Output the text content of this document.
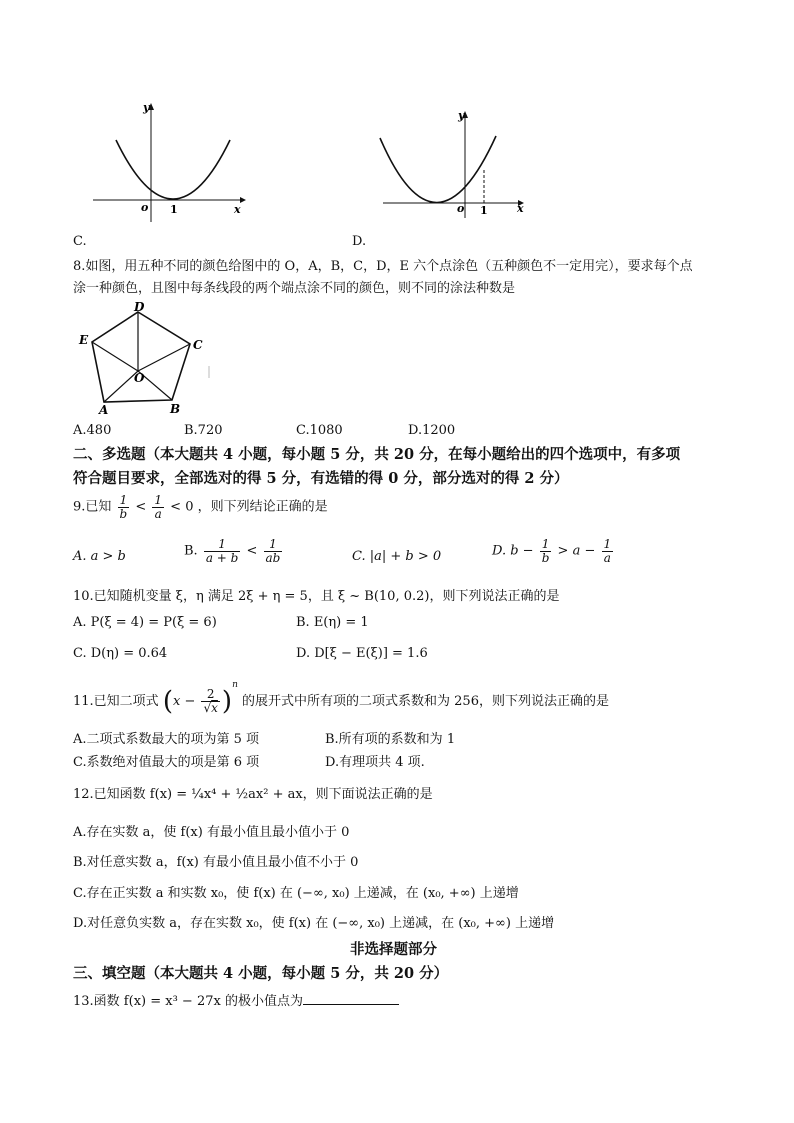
y
x
o 1
C.
y
x
o 1
D.
8.如图，用五种不同的颜色给图中的 O，A，B，C，D，E 六个点涂色（五种颜色不一定用完），要求每个点
涂一种颜色，且图中每条线段的两个端点涂不同的颜色，则不同的涂法种数是
D
E	C
O
A	B
A.480	B.720	C.1080	D.1200
二、多选题（本大题共 4 小题，每小题 5 分，共 20 分，在每小题给出的四个选项中，有多项
符合题目要求，全部选对的得 5 分，有选错的得 0 分，部分选对的得 2 分）
9.已知 $\frac{1}{b} < \frac{1}{a} < 0$ ，则下列结论正确的是
A. a > b	B. $\frac{1}{a + b} < \frac{1}{ab}$	C. |a| + b > 0	D. $b - \frac{1}{b} > a - \frac{1}{a}$
10.已知随机变量 ξ，η 满足 2ξ + η = 5，且 ξ ~ B(10, 0.2)，则下列说法正确的是
A. P(ξ = 4) = P(ξ = 6)	B. E(η) = 1
C. D(η) = 0.64	D. D[ξ − E(ξ)] = 1.6
11.已知二项式 $(x - \frac{2}{√x} )^n$ 的展开式中所有项的二项式系数和为 256，则下列说法正确的是
A.二项式系数最大的项为第 5 项	B.所有项的系数和为 1
C.系数绝对值最大的项是第 6 项	D.有理项共 4 项.
12.已知函数 f(x) = ¼x⁴ + ½ax² + ax，则下面说法正确的是
A.存在实数 a，使 f(x) 有最小值且最小值小于 0
B.对任意实数 a，f(x) 有最小值且最小值不小于 0
C.存在正实数 a 和实数 x₀，使 f(x) 在 (−∞, x₀) 上递减，在 (x₀, +∞) 上递增
D.对任意负实数 a，存在实数 x₀，使 f(x) 在 (−∞, x₀) 上递减，在 (x₀, +∞) 上递增
非选择题部分
三、填空题（本大题共 4 小题，每小题 5 分，共 20 分）
13.函数 f(x) = x³ − 27x 的极小值点为
